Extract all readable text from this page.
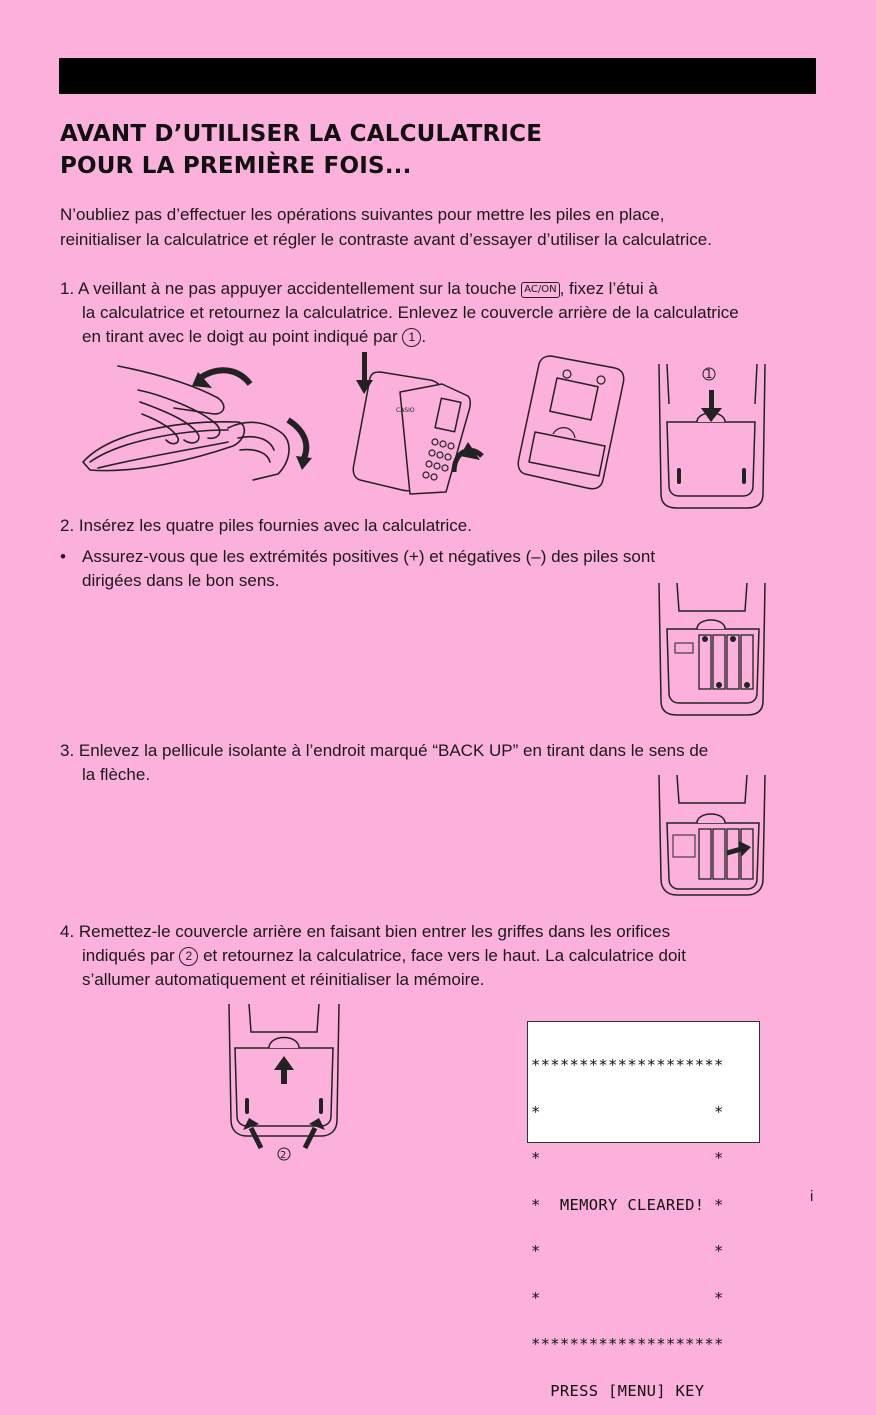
AVANT D’UTILISER LA CALCULATRICE
POUR LA PREMIÈRE FOIS...

N’oubliez pas d’effectuer les opérations suivantes pour mettre les piles en place,
reinitialiser la calculatrice et régler le contraste avant d’essayer d’utiliser la calculatrice.

1. A veillant à ne pas appuyer accidentellement sur la touche AC/ON , fixez l’étui à
la calculatrice et retournez la calculatrice. Enlevez le couvercle arrière de la calculatrice
en tirant avec le doigt au point indiqué par 1 .

CASIO
1

2. Insérez les quatre piles fournies avec la calculatrice.

• Assurez-vous que les extrémités positives (+) et négatives (–) des piles sont
dirigées dans le bon sens.

3. Enlevez la pellicule isolante à l’endroit marqué “BACK UP” en tirant dans le sens de
la flèche.

4. Remettez-le couvercle arrière en faisant bien entrer les griffes dans les orifices
indiqués par 2 et retournez la calculatrice, face vers le haut. La calculatrice doit
s’allumer automatiquement et réinitialiser la mémoire.

2

********************

*                  *

*                  *

*  MEMORY CLEARED! *

*                  *

*                  *

********************

PRESS [MENU] KEY

i
